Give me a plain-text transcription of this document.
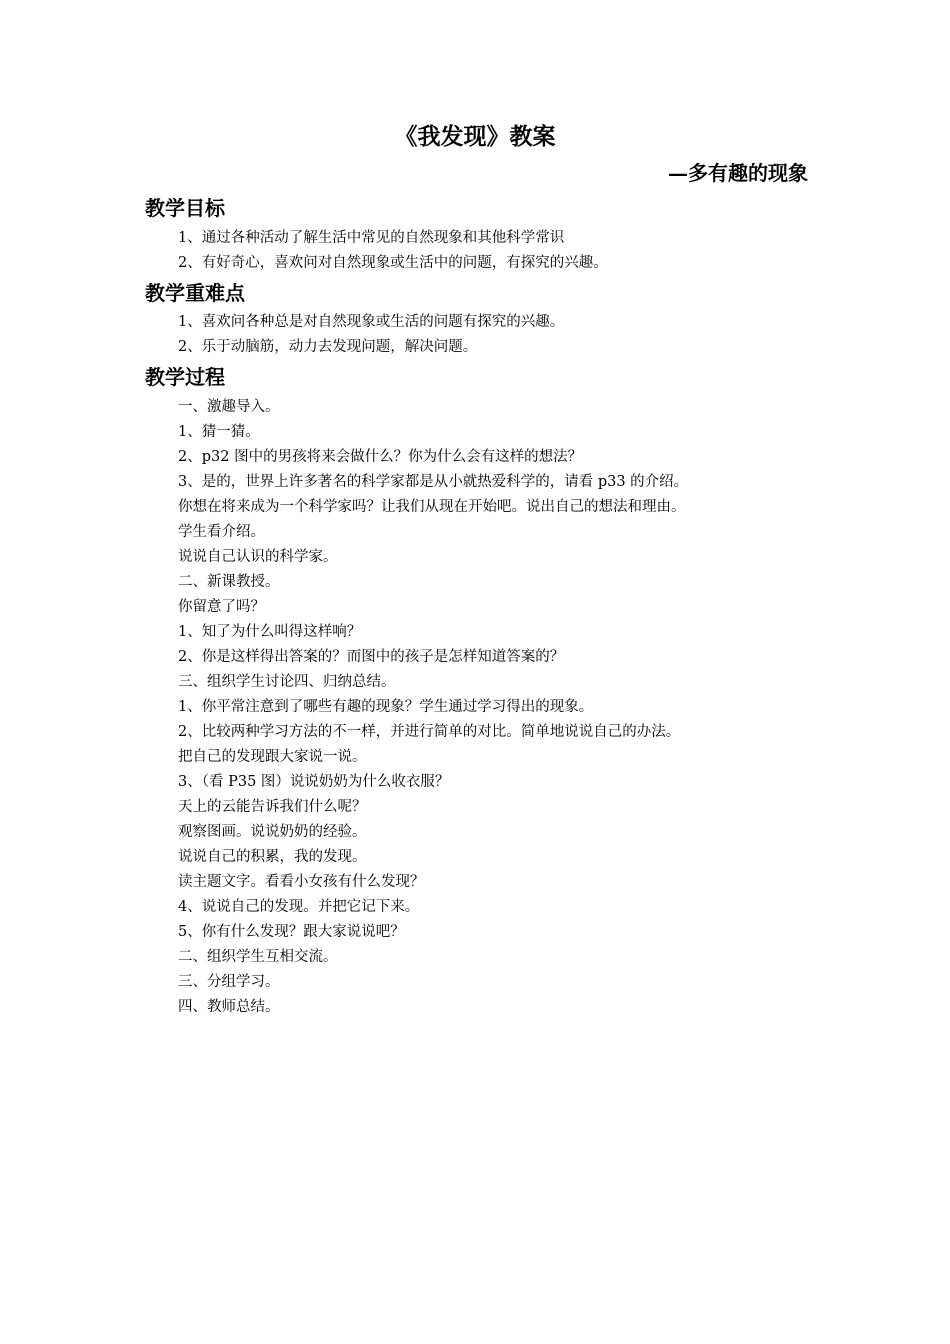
《我发现》教案
—多有趣的现象
教学目标
1、通过各种活动了解生活中常见的自然现象和其他科学常识
2、有好奇心，喜欢问对自然现象或生活中的问题，有探究的兴趣。
教学重难点
1、喜欢问各种总是对自然现象或生活的问题有探究的兴趣。
2、乐于动脑筋，动力去发现问题，解决问题。
教学过程
一、激趣导入。
1、猜一猜。
2、p32 图中的男孩将来会做什么？你为什么会有这样的想法？
3、是的，世界上许多著名的科学家都是从小就热爱科学的，请看 p33 的介绍。
你想在将来成为一个科学家吗？让我们从现在开始吧。说出自己的想法和理由。
学生看介绍。
说说自己认识的科学家。
二、新课教授。
你留意了吗？
1、知了为什么叫得这样响？
2、你是这样得出答案的？而图中的孩子是怎样知道答案的？
三、组织学生讨论四、归纳总结。
1、你平常注意到了哪些有趣的现象？学生通过学习得出的现象。
2、比较两种学习方法的不一样，并进行简单的对比。简单地说说自己的办法。
把自己的发现跟大家说一说。
3、（看 P35 图）说说奶奶为什么收衣服？
天上的云能告诉我们什么呢？
观察图画。说说奶奶的经验。
说说自己的积累，我的发现。
读主题文字。看看小女孩有什么发现？
4、说说自己的发现。并把它记下来。
5、你有什么发现？跟大家说说吧？
二、组织学生互相交流。
三、分组学习。
四、教师总结。
